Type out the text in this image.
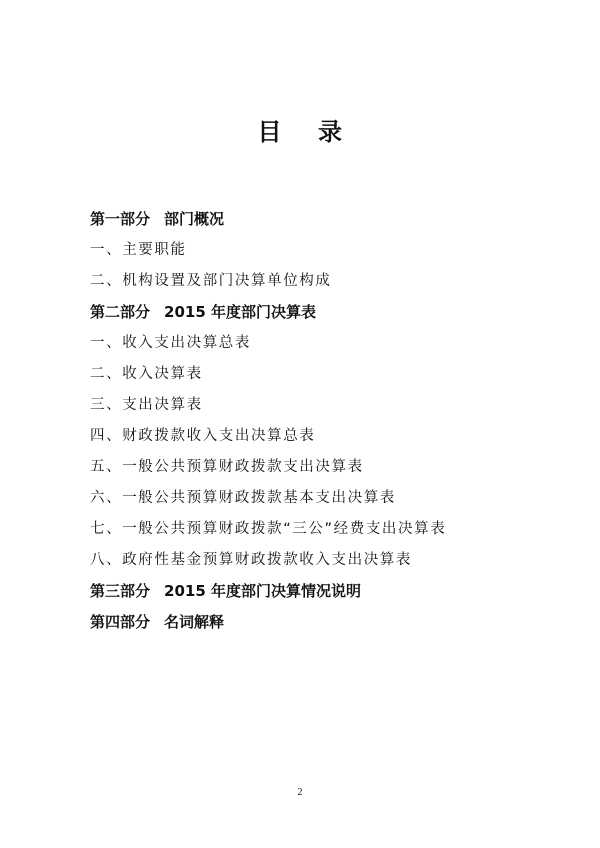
目 录
第一部分 部门概况
一、主要职能
二、机构设置及部门决算单位构成
第二部分 2015 年度部门决算表
一、收入支出决算总表
二、收入决算表
三、支出决算表
四、财政拨款收入支出决算总表
五、一般公共预算财政拨款支出决算表
六、一般公共预算财政拨款基本支出决算表
七、一般公共预算财政拨款“三公”经费支出决算表
八、政府性基金预算财政拨款收入支出决算表
第三部分 2015 年度部门决算情况说明
第四部分 名词解释
2
